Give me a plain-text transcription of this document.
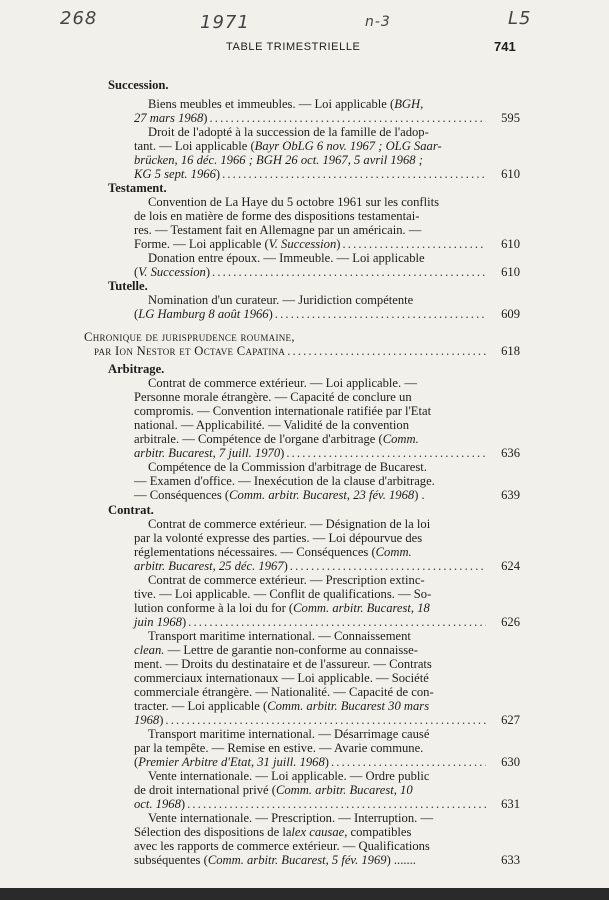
268	1971	n-3	L5
TABLE TRIMESTRIELLE	741
Succession.
Biens meubles et immeubles. — Loi applicable ( BGH,
27 mars 1968 ) . . .	595
Droit de l'adopté à la succession de la famille de l'adop-
tant. — Loi applicable ( Bayr ObLG 6 nov. 1967 ; OLG Saar-
brücken, 16 déc. 1966 ; BGH 26 oct. 1967, 5 avril 1968 ;
KG 5 sept. 1966 ) . . .	610
Testament.
Convention de La Haye du 5 octobre 1961 sur les conflits
de lois en matière de forme des dispositions testamentai-
res. — Testament fait en Allemagne par un américain. —
Forme. — Loi applicable ( V. Succession ) . . .	610
Donation entre époux. — Immeuble. — Loi applicable
( V. Succession ) . . .	610
Tutelle.
Nomination d'un curateur. — Juridiction compétente
( LG Hamburg 8 août 1966 ) . . .	609
Chronique de jurisprudence roumaine,
par Ion Nestor et Octave Capatina . . .	618
Arbitrage.
Contrat de commerce extérieur. — Loi applicable. —
Personne morale étrangère. — Capacité de conclure un
compromis. — Convention internationale ratifiée par l'Etat
national. — Applicabilité. — Validité de la convention
arbitrale. — Compétence de l'organe d'arbitrage ( Comm.
arbitr. Bucarest, 7 juill. 1970 ) . . .	636
Compétence de la Commission d'arbitrage de Bucarest.
— Examen d'office. — Inexécution de la clause d'arbitrage.
— Conséquences ( Comm. arbitr. Bucarest, 23 fév. 1968 ) .	639
Contrat.
Contrat de commerce extérieur. — Désignation de la loi
par la volonté expresse des parties. — Loi dépourvue des
réglementations nécessaires. — Conséquences ( Comm.
arbitr. Bucarest, 25 déc. 1967 ) . . .	624
Contrat de commerce extérieur. — Prescription extinc-
tive. — Loi applicable. — Conflit de qualifications. — So-
lution conforme à la loi du for ( Comm. arbitr. Bucarest, 18
juin 1968 ) . . .	626
Transport maritime international. — Connaissement
clean. — Lettre de garantie non-conforme au connaisse-
ment. — Droits du destinataire et de l'assureur. — Contrats
commerciaux internationaux — Loi applicable. — Société
commerciale étrangère. — Nationalité. — Capacité de con-
tracter. — Loi applicable ( Comm. arbitr. Bucarest 30 mars
1968 ) . . .	627
Transport maritime international. — Désarrimage causé
par la tempête. — Remise en estive. — Avarie commune.
( Premier Arbitre d'Etat, 31 juill. 1968 ) . . .	630
Vente internationale. — Loi applicable. — Ordre public
de droit international privé ( Comm. arbitr. Bucarest, 10
oct. 1968 ) . . .	631
Vente internationale. — Prescription. — Interruption. —
Sélection des dispositions de la lex causae, compatibles
avec les rapports de commerce extérieur. — Qualifications
subséquentes ( Comm. arbitr. Bucarest, 5 fév. 1969 ) .......	633
